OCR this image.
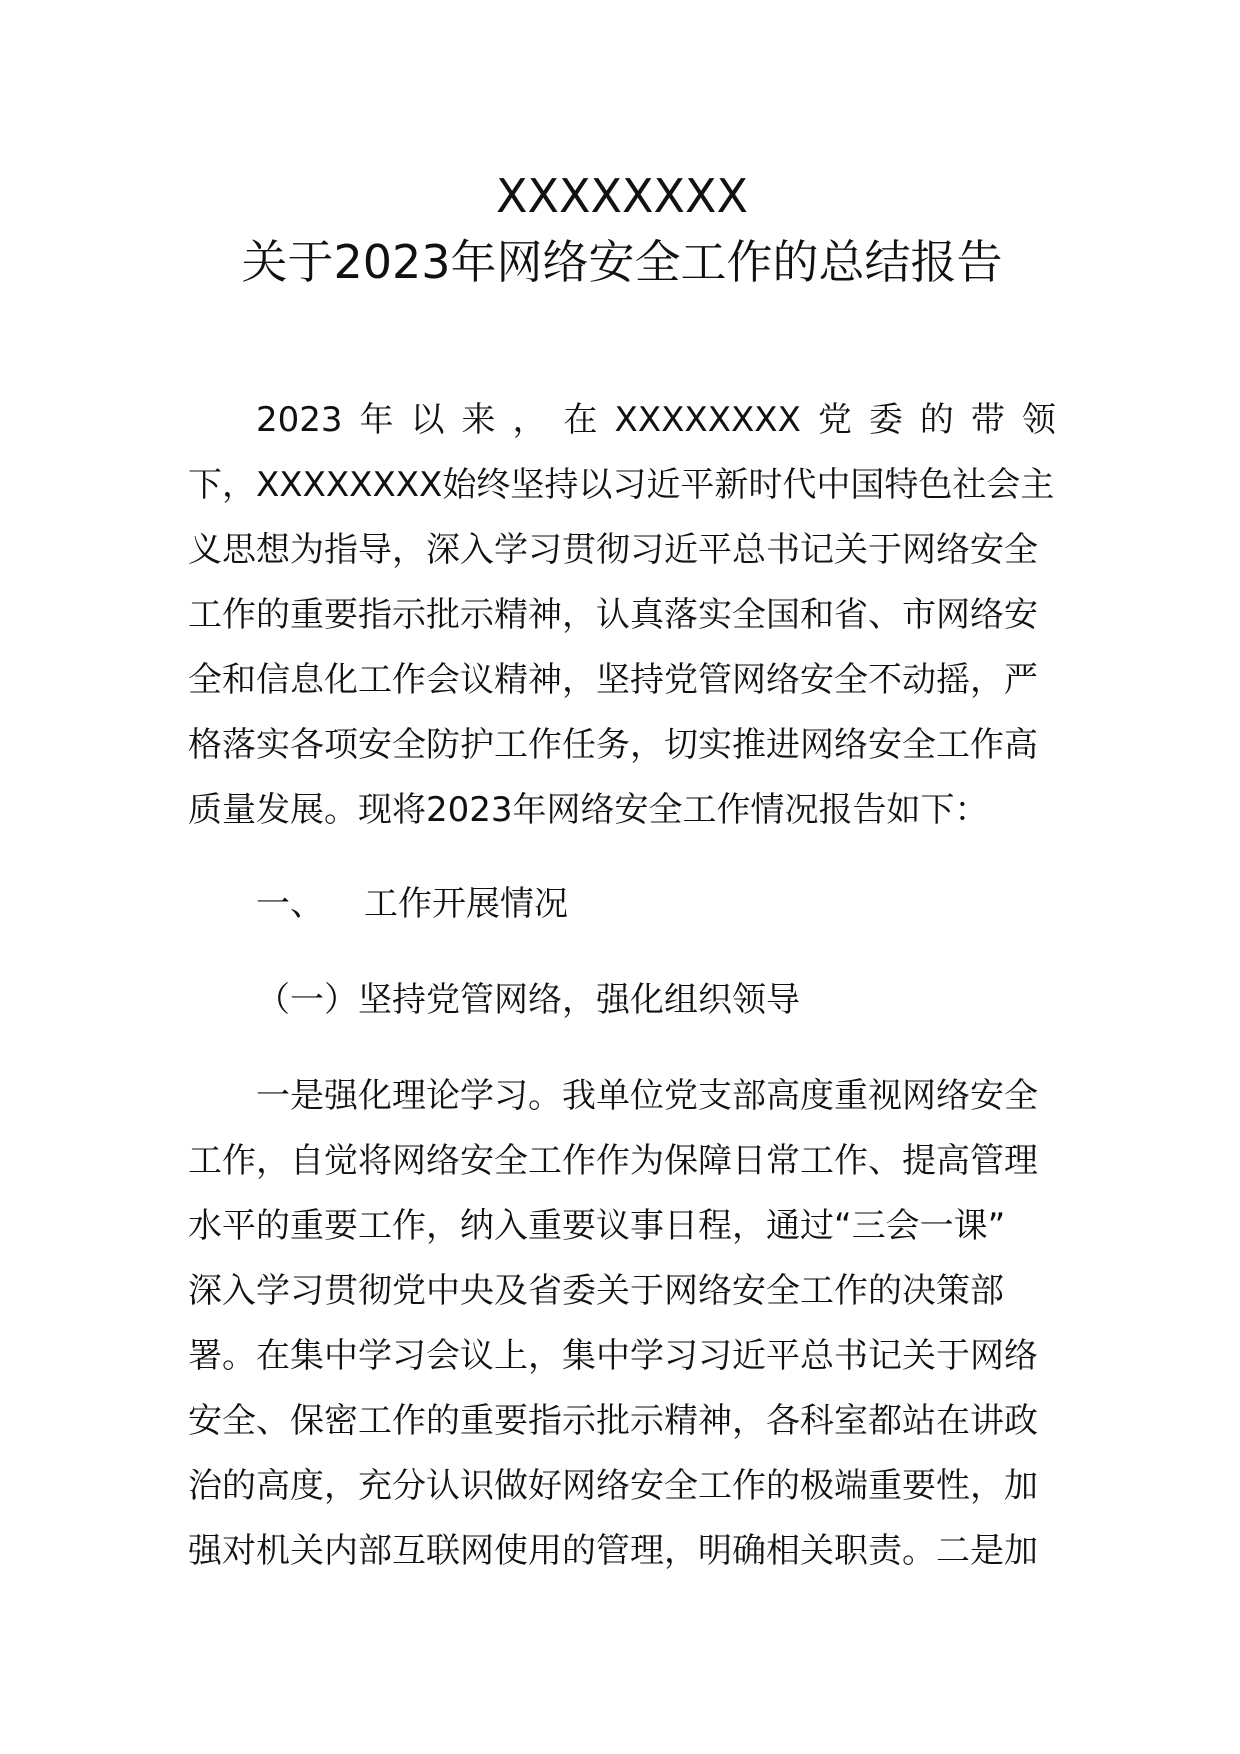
XXXXXXXX
关于2023年网络安全工作的总结报告
2023 年 以 来 ， 在 XXXXXXXX 党 委 的 带 领
下，XXXXXXXX始终坚持以习近平新时代中国特色社会主
义思想为指导，深入学习贯彻习近平总书记关于网络安全
工作的重要指示批示精神，认真落实全国和省、市网络安
全和信息化工作会议精神，坚持党管网络安全不动摇，严
格落实各项安全防护工作任务，切实推进网络安全工作高
质量发展。现将2023年网络安全工作情况报告如下：
一、 工作开展情况
（一）坚持党管网络，强化组织领导
一是强化理论学习。我单位党支部高度重视网络安全
工作，自觉将网络安全工作作为保障日常工作、提高管理
水平的重要工作，纳入重要议事日程，通过“三会一课”
深入学习贯彻党中央及省委关于网络安全工作的决策部
署。在集中学习会议上，集中学习习近平总书记关于网络
安全、保密工作的重要指示批示精神，各科室都站在讲政
治的高度，充分认识做好网络安全工作的极端重要性，加
强对机关内部互联网使用的管理，明确相关职责。二是加
